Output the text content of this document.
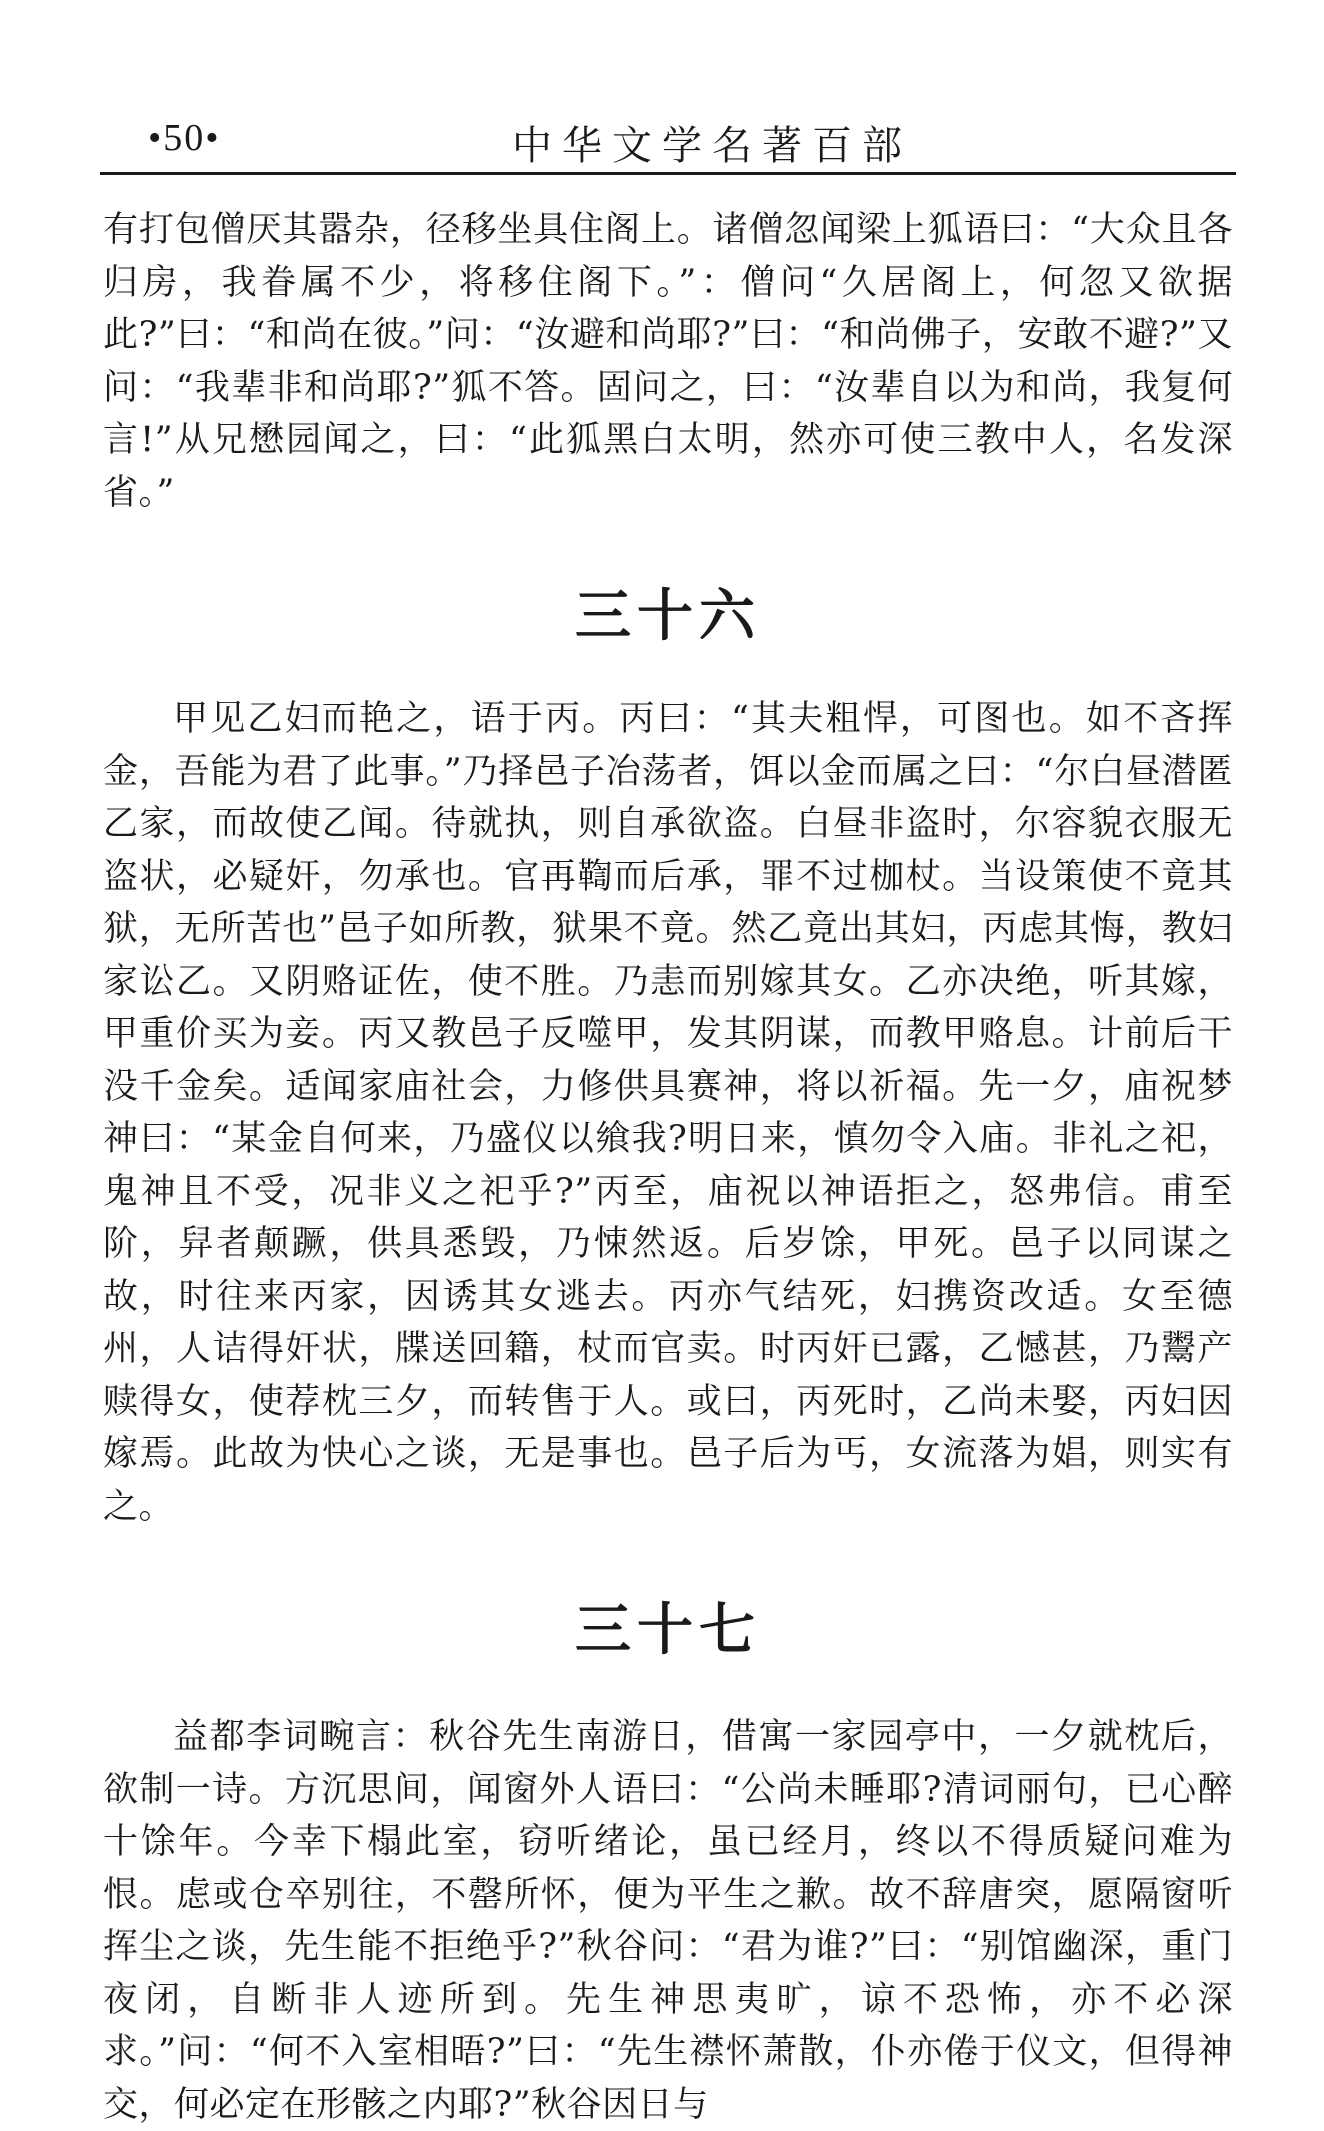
•50•	中华文学名著百部

有打包僧厌其嚣杂，径移坐具住阁上。诸僧忽闻梁上狐语曰：“大众且各归房，我眷属不少，将移住阁下。”：僧问“久居阁上，何忽又欲据此?”曰：“和尚在彼。”问：“汝避和尚耶?”曰：“和尚佛子，安敢不避?”又问：“我辈非和尚耶?”狐不答。固问之，曰：“汝辈自以为和尚，我复何言!”从兄懋园闻之，曰：“此狐黑白太明，然亦可使三教中人，名发深省。”

三十六

甲见乙妇而艳之，语于丙。丙曰：“其夫粗悍，可图也。如不吝挥金，吾能为君了此事。”乃择邑子冶荡者，饵以金而属之曰：“尔白昼潜匿乙家，而故使乙闻。待就执，则自承欲盗。白昼非盗时，尔容貌衣服无盗状，必疑奸，勿承也。官再鞫而后承，罪不过枷杖。当设策使不竟其狱，无所苦也”邑子如所教，狱果不竟。然乙竟出其妇，丙虑其悔，教妇家讼乙。又阴赂证佐，使不胜。乃恚而别嫁其女。乙亦决绝，听其嫁，甲重价买为妾。丙又教邑子反噬甲，发其阴谋，而教甲赂息。计前后干没千金矣。适闻家庙社会，力修供具赛神，将以祈福。先一夕，庙祝梦神曰：“某金自何来，乃盛仪以飨我?明日来，慎勿令入庙。非礼之祀，鬼神且不受，况非义之祀乎?”丙至，庙祝以神语拒之，怒弗信。甫至阶，舁者颠蹶，供具悉毁，乃悚然返。后岁馀，甲死。邑子以同谋之故，时往来丙家，因诱其女逃去。丙亦气结死，妇携资改适。女至德州，人诘得奸状，牒送回籍，杖而官卖。时丙奸已露，乙憾甚，乃鬻产赎得女，使荐枕三夕，而转售于人。或曰，丙死时，乙尚未娶，丙妇因嫁焉。此故为快心之谈，无是事也。邑子后为丐，女流落为娼，则实有之。

三十七

益都李词畹言：秋谷先生南游日，借寓一家园亭中，一夕就枕后，欲制一诗。方沉思间，闻窗外人语曰：“公尚未睡耶?清词丽句，已心醉十馀年。今幸下榻此室，窃听绪论，虽已经月，终以不得质疑问难为恨。虑或仓卒别往，不罄所怀，便为平生之歉。故不辞唐突，愿隔窗听挥尘之谈，先生能不拒绝乎?”秋谷问：“君为谁?”曰：“别馆幽深，重门夜闭，自断非人迹所到。先生神思夷旷，谅不恐怖，亦不必深求。”问：“何不入室相晤?”曰：“先生襟怀萧散，仆亦倦于仪文，但得神交，何必定在形骸之内耶?”秋谷因日与
